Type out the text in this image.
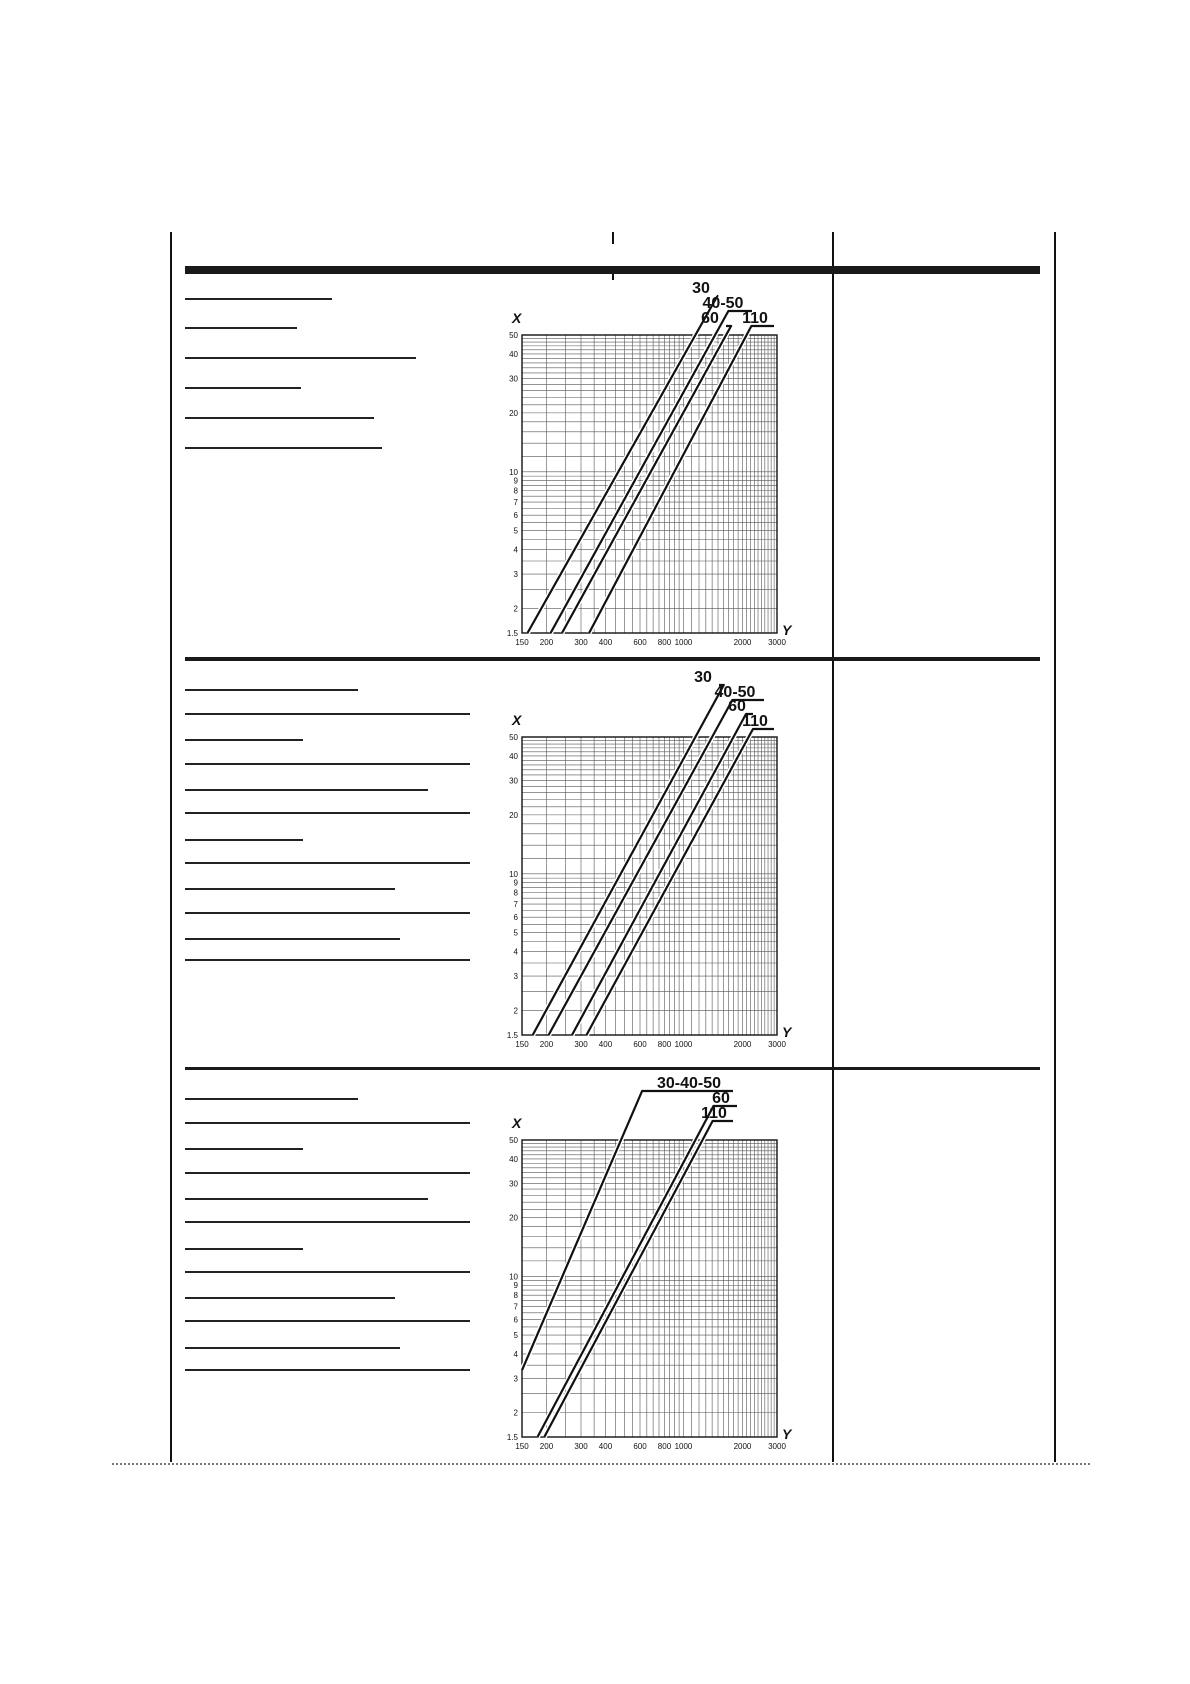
150 200	300 400	600 800 1000	2000 3000
1.5
2
3
4
5
6
7
8
9
10
20
30
40
50
Y
X
30
40-50
60 110
150 200	300 400	600 800 1000	2000 3000
1.5
2
3
4
5
6
7
8
9
10
20
30
40
50
Y
X
30
40-50
60
110
150 200	300 400	600 800 1000	2000 3000
1.5
2
3
4
5
6
7
8
9
10
20
30
40
50
Y
X
30-40-50
60
110
